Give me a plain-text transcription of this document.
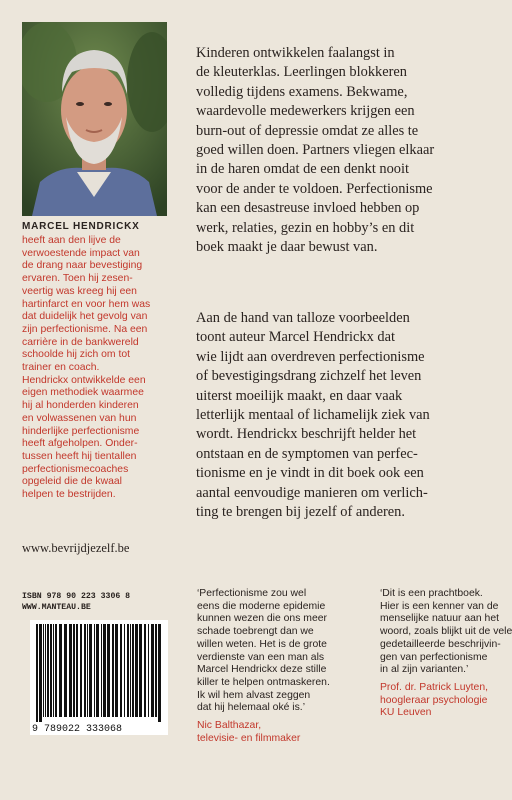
MARCEL HENDRICKX
heeft aan den lijve de
verwoestende impact van
de drang naar bevestiging
ervaren. Toen hij zesen-
veertig was kreeg hij een
hartinfarct en voor hem was
dat duidelijk het gevolg van
zijn perfectionisme. Na een
carrière in de bankwereld
schoolde hij zich om tot
trainer en coach.
Hendrickx ontwikkelde een
eigen methodiek waarmee
hij al honderden kinderen
en volwassenen van hun
hinderlijke perfectionisme
heeft afgeholpen. Onder-
tussen heeft hij tientallen
perfectionismecoaches
opgeleid die de kwaal
helpen te bestrijden.
www.bevrijdjezelf.be
Kinderen ontwikkelen faalangst in
de kleuterklas. Leerlingen blokkeren
volledig tijdens examens. Bekwame,
waardevolle medewerkers krijgen een
burn-out of depressie omdat ze alles te
goed willen doen. Partners vliegen elkaar
in de haren omdat de een denkt nooit
voor de ander te voldoen. Perfectionisme
kan een desastreuse invloed hebben op
werk, relaties, gezin en hobby’s en dit
boek maakt je daar bewust van.
Aan de hand van talloze voorbeelden
toont auteur Marcel Hendrickx dat
wie lijdt aan overdreven perfectionisme
of bevestigingsdrang zichzelf het leven
uiterst moeilijk maakt, en daar vaak
letterlijk mentaal of lichamelijk ziek van
wordt. Hendrickx beschrijft helder het
ontstaan en de symptomen van perfec-
tionisme en je vindt in dit boek ook een
aantal eenvoudige manieren om verlich-
ting te brengen bij jezelf of anderen.
ISBN 978 90 223 3306 8
WWW.MANTEAU.BE
9 789022 333068
‘Perfectionisme zou wel
eens die moderne epidemie
kunnen wezen die ons meer
schade toebrengt dan we
willen weten. Het is de grote
verdienste van een man als
Marcel Hendrickx deze stille
killer te helpen ontmaskeren.
Ik wil hem alvast zeggen
dat hij helemaal oké is.’
Nic Balthazar,
televisie- en filmmaker
‘Dit is een prachtboek.
Hier is een kenner van de
menselijke natuur aan het
woord, zoals blijkt uit de vele
gedetailleerde beschrijvin-
gen van perfectionisme
in al zijn varianten.’
Prof. dr. Patrick Luyten,
hoogleraar psychologie
KU Leuven
